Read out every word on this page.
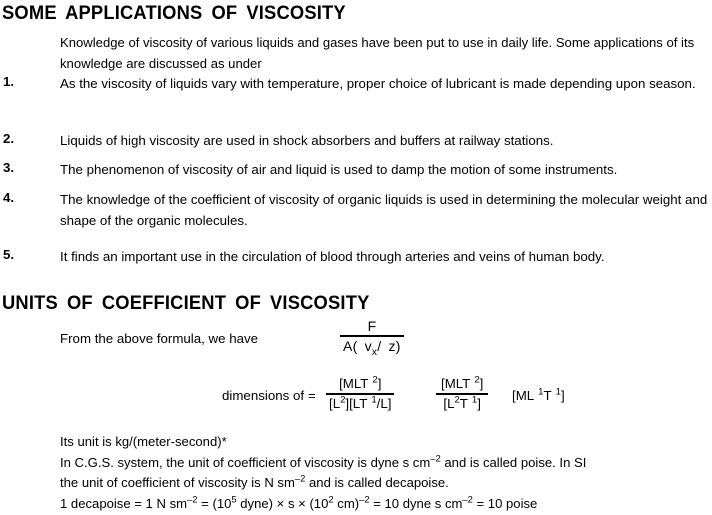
SOME APPLICATIONS OF VISCOSITY
Knowledge of viscosity of various liquids and gases have been put to use in daily life. Some applications of its knowledge are discussed as under
1.	As the viscosity of liquids vary with temperature, proper choice of lubricant is made depending upon season.
2.	Liquids of high viscosity are used in shock absorbers and buffers at railway stations.
3.	The phenomenon of viscosity of air and liquid is used to damp the motion of some instruments.
4.	The knowledge of the coefficient of viscosity of organic liquids is used in determining the molecular weight and shape of the organic molecules.
5.	It finds an important use in the circulation of blood through arteries and veins of human body.
UNITS OF COEFFICIENT OF VISCOSITY
From the above formula, we have
F
A( $v_x/$ z)
dimensions of =
[MLT $^2$]
$[L^2][LT$ $^1$/L]
[MLT $^2$]
[$L^2T$ $^1$]
[ML $^1$T $^1$]
Its unit is kg/(meter-second)*
In C.G.S. system, the unit of coefficient of viscosity is dyne s $cm^{-2}$ and is called poise. In SI
the unit of coefficient of viscosity is N $sm^{-2}$ and is called decapoise.
1 decapoise = 1 N $sm^{-2} = (10^5$ dyne) × $s \times (10^2$ cm)$^{-2}$ = 10 dyne s $cm^{-2} = 10$ poise
